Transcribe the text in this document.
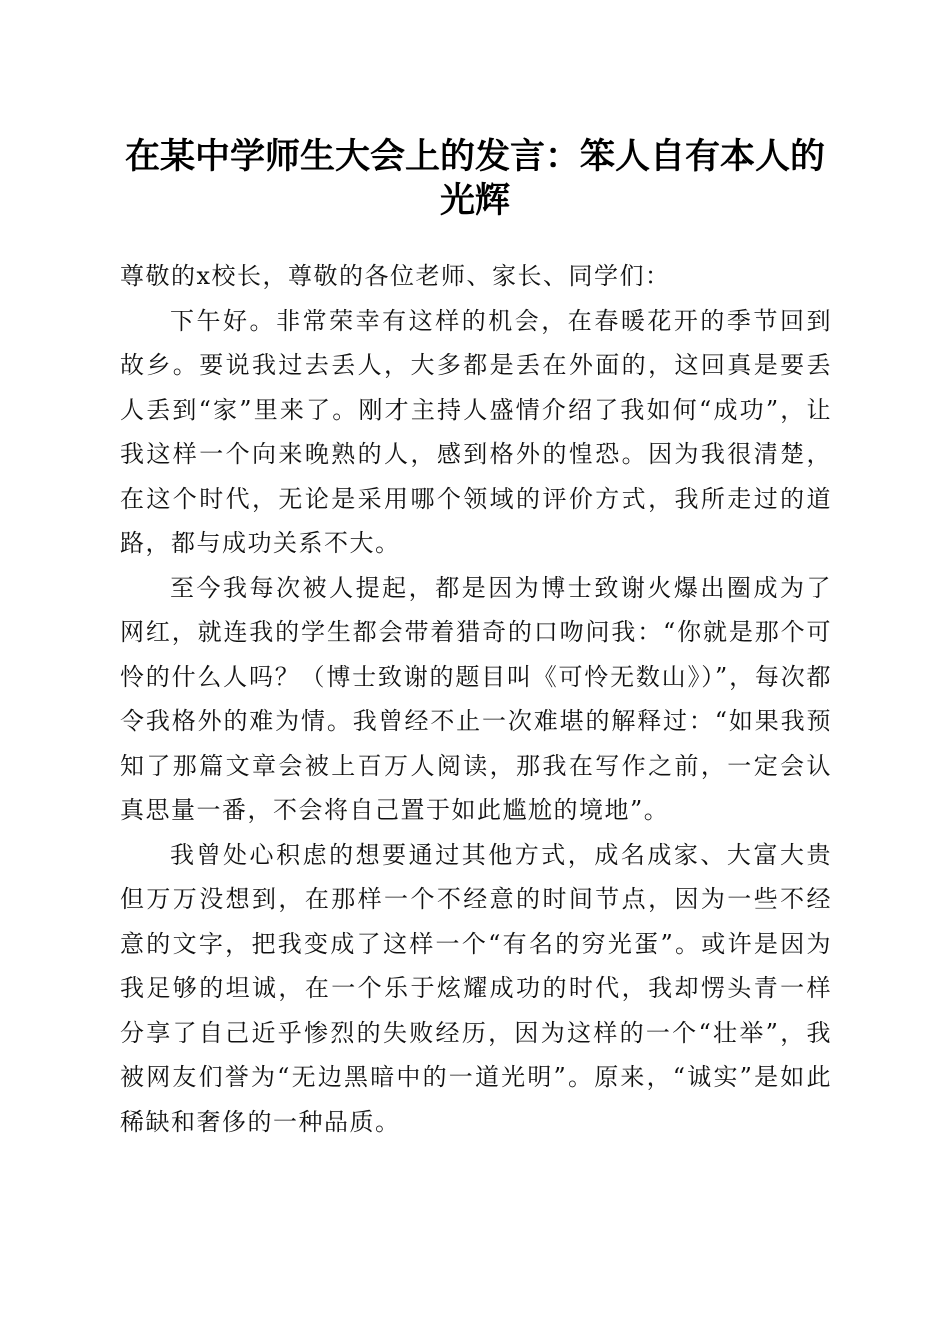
在某中学师生大会上的发言：笨人自有本人的光辉

尊敬的x校长，尊敬的各位老师、家长、同学们：

下午好。非常荣幸有这样的机会，在春暖花开的季节回到故乡。要说我过去丢人，大多都是丢在外面的，这回真是要丢人丢到“家”里来了。刚才主持人盛情介绍了我如何“成功”，让我这样一个向来晚熟的人，感到格外的惶恐。因为我很清楚，在这个时代，无论是采用哪个领域的评价方式，我所走过的道路，都与成功关系不大。

至今我每次被人提起，都是因为博士致谢火爆出圈成为了网红，就连我的学生都会带着猎奇的口吻问我：“你就是那个可怜的什么人吗？（博士致谢的题目叫《可怜无数山》）”，每次都令我格外的难为情。我曾经不止一次难堪的解释过：“如果我预知了那篇文章会被上百万人阅读，那我在写作之前，一定会认真思量一番，不会将自己置于如此尴尬的境地”。

我曾处心积虑的想要通过其他方式，成名成家、大富大贵但万万没想到，在那样一个不经意的时间节点，因为一些不经意的文字，把我变成了这样一个“有名的穷光蛋”。或许是因为我足够的坦诚，在一个乐于炫耀成功的时代，我却愣头青一样分享了自己近乎惨烈的失败经历，因为这样的一个“壮举”，我被网友们誉为“无边黑暗中的一道光明”。原来，“诚实”是如此稀缺和奢侈的一种品质。
